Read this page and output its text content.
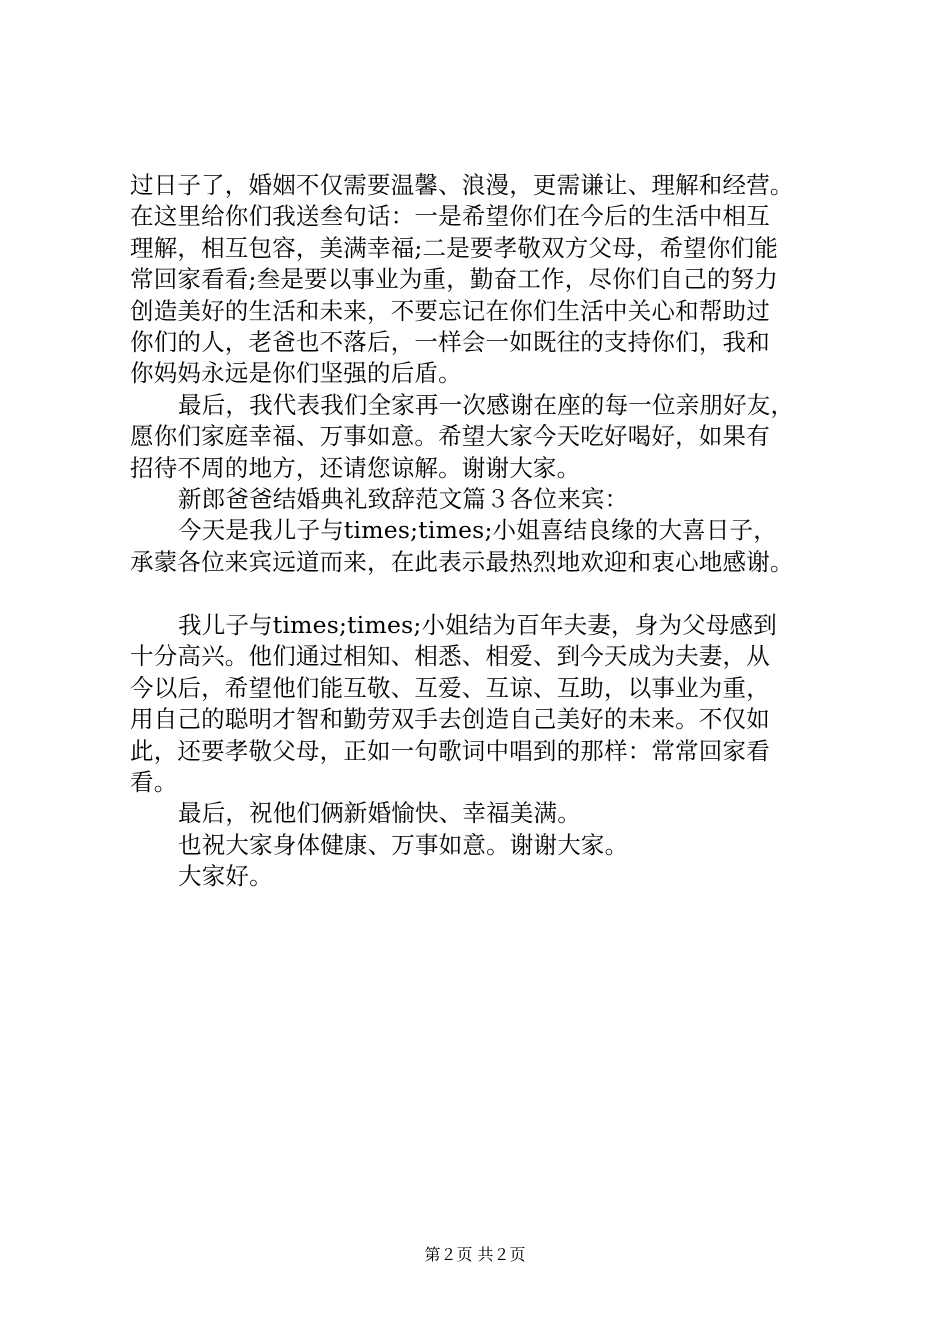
过日子了，婚姻不仅需要温馨、浪漫，更需谦让、理解和经营。
在这里给你们我送叁句话：一是希望你们在今后的生活中相互
理解，相互包容，美满幸福;二是要孝敬双方父母，希望你们能
常回家看看;叁是要以事业为重，勤奋工作，尽你们自己的努力
创造美好的生活和未来，不要忘记在你们生活中关心和帮助过
你们的人，老爸也不落后，一样会一如既往的支持你们，我和
你妈妈永远是你们坚强的后盾。
最后，我代表我们全家再一次感谢在座的每一位亲朋好友，
愿你们家庭幸福、万事如意。希望大家今天吃好喝好，如果有
招待不周的地方，还请您谅解。谢谢大家。
新郎爸爸结婚典礼致辞范文篇３各位来宾：
今天是我儿子与times;times;小姐喜结良缘的大喜日子，
承蒙各位来宾远道而来，在此表示最热烈地欢迎和衷心地感谢。
我儿子与times;times;小姐结为百年夫妻，身为父母感到
十分高兴。他们通过相知、相悉、相爱、到今天成为夫妻，从
今以后，希望他们能互敬、互爱、互谅、互助，以事业为重，
用自己的聪明才智和勤劳双手去创造自己美好的未来。不仅如
此，还要孝敬父母，正如一句歌词中唱到的那样：常常回家看
看。
最后，祝他们俩新婚愉快、幸福美满。
也祝大家身体健康、万事如意。谢谢大家。
大家好。
第２页 共２页
